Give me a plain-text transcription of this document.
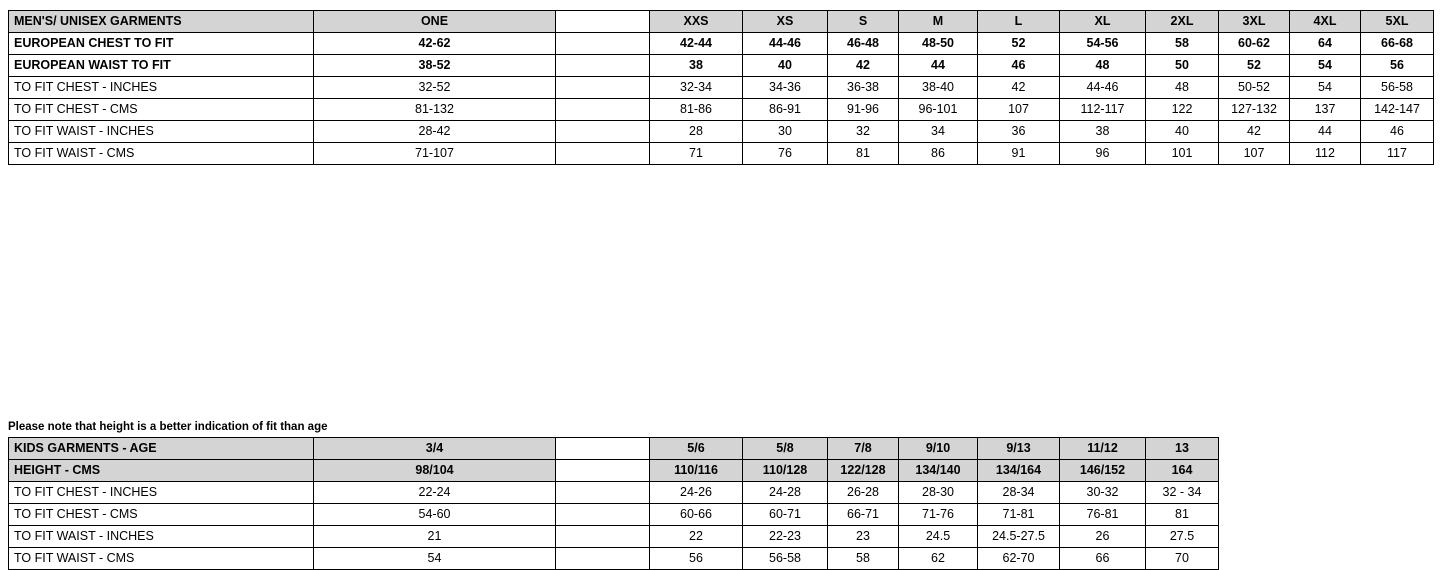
MEN'S/ UNISEX GARMENTS	ONE		XXS	XS	S	M	L	XL	2XL	3XL	4XL	5XL
EUROPEAN CHEST TO FIT	42-62		42-44	44-46	46-48	48-50	52	54-56	58	60-62	64	66-68
EUROPEAN WAIST TO FIT	38-52		38	40	42	44	46	48	50	52	54	56
TO FIT CHEST - INCHES	32-52		32-34	34-36	36-38	38-40	42	44-46	48	50-52	54	56-58
TO FIT CHEST - CMS	81-132		81-86	86-91	91-96	96-101	107	112-117	122	127-132	137	142-147
TO FIT WAIST - INCHES	28-42		28	30	32	34	36	38	40	42	44	46
TO FIT WAIST - CMS	71-107		71	76	81	86	91	96	101	107	112	117
Please note that height is a better indication of fit than age
KIDS GARMENTS - AGE	3/4		5/6	5/8	7/8	9/10	9/13	11/12	13
HEIGHT - CMS	98/104		110/116	110/128	122/128	134/140	134/164	146/152	164
TO FIT CHEST - INCHES	22-24		24-26	24-28	26-28	28-30	28-34	30-32	32 - 34
TO FIT CHEST - CMS	54-60		60-66	60-71	66-71	71-76	71-81	76-81	81
TO FIT WAIST - INCHES	21		22	22-23	23	24.5	24.5-27.5	26	27.5
TO FIT WAIST - CMS	54		56	56-58	58	62	62-70	66	70
